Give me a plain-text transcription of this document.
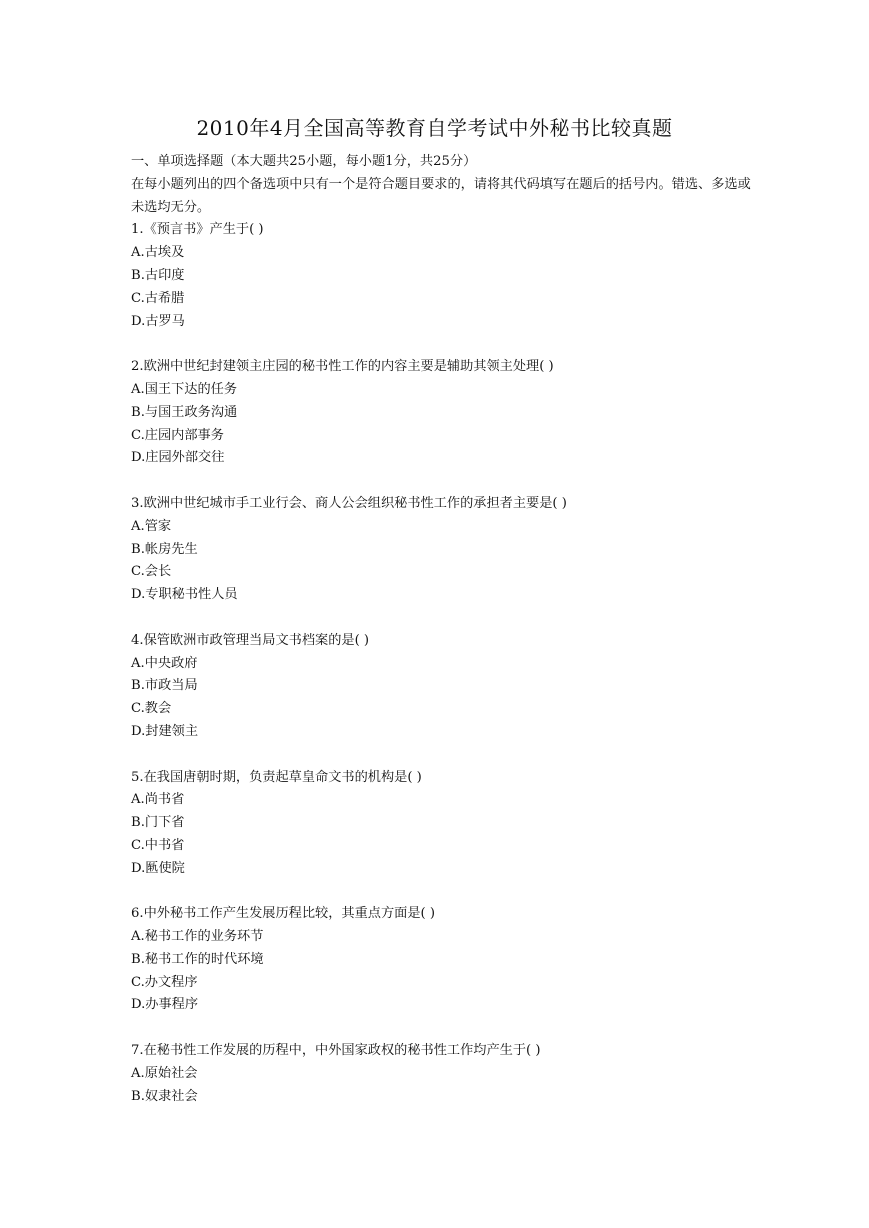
2010年4月全国高等教育自学考试中外秘书比较真题
一、单项选择题（本大题共25小题，每小题1分，共25分）
在每小题列出的四个备选项中只有一个是符合题目要求的，请将其代码填写在题后的括号内。错选、多选或未选均无分。
1.《预言书》产生于( )
A.古埃及
B.古印度
C.古希腊
D.古罗马
2.欧洲中世纪封建领主庄园的秘书性工作的内容主要是辅助其领主处理( )
A.国王下达的任务
B.与国王政务沟通
C.庄园内部事务
D.庄园外部交往
3.欧洲中世纪城市手工业行会、商人公会组织秘书性工作的承担者主要是( )
A.管家
B.帐房先生
C.会长
D.专职秘书性人员
4.保管欧洲市政管理当局文书档案的是( )
A.中央政府
B.市政当局
C.教会
D.封建领主
5.在我国唐朝时期，负责起草皇命文书的机构是( )
A.尚书省
B.门下省
C.中书省
D.匦使院
6.中外秘书工作产生发展历程比较，其重点方面是( )
A.秘书工作的业务环节
B.秘书工作的时代环境
C.办文程序
D.办事程序
7.在秘书性工作发展的历程中，中外国家政权的秘书性工作均产生于( )
A.原始社会
B.奴隶社会
